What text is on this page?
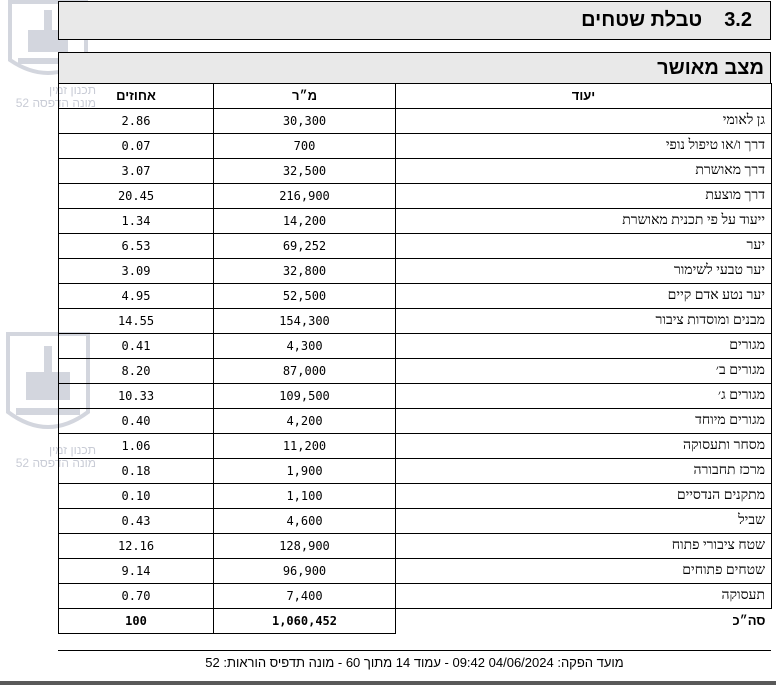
תכנון זמין
מונה הדפסה 52
תכנון זמין
מונה הדפסה 52
3.2
טבלת שטחים
מצב מאושר
יעוד	מ״ר	אחוזים
גן לאומי	30,300	2.86
דרך ו/או טיפול נופי	700	0.07
דרך מאושרת	32,500	3.07
דרך מוצעת	216,900	20.45
ייעוד על פי תכנית מאושרת	14,200	1.34
יער	69,252	6.53
יער טבעי לשימור	32,800	3.09
יער נטע אדם קיים	52,500	4.95
מבנים ומוסדות ציבור	154,300	14.55
מגורים	4,300	0.41
מגורים ב׳	87,000	8.20
מגורים ג׳	109,500	10.33
מגורים מיוחד	4,200	0.40
מסחר ותעסוקה	11,200	1.06
מרכז תחבורה	1,900	0.18
מתקנים הנדסיים	1,100	0.10
שביל	4,600	0.43
שטח ציבורי פתוח	128,900	12.16
שטחים פתוחים	96,900	9.14
תעסוקה	7,400	0.70
סה״כ	1,060,452	100
מועד הפקה: 04/06/2024 09:42 - עמוד 14 מתוך 60 - מונה תדפיס הוראות: 52
